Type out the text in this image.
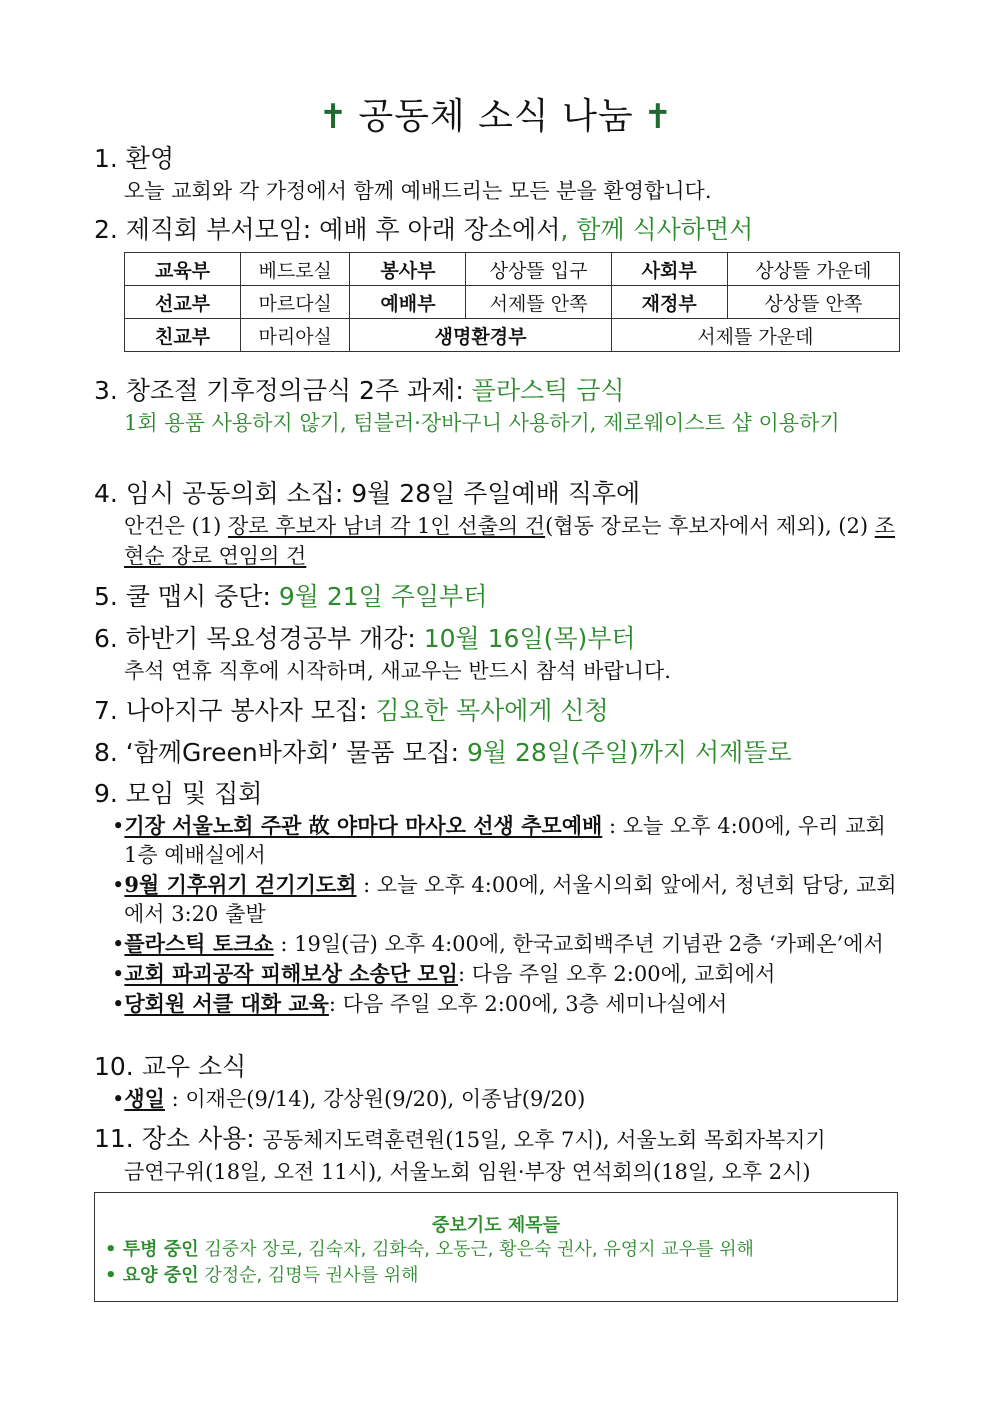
✝ 공동체 소식 나눔 ✝
1. 환영
오늘 교회와 각 가정에서 함께 예배드리는 모든 분을 환영합니다.
2. 제직회 부서모임: 예배 후 아래 장소에서, 함께 식사하면서
교육부	베드로실	봉사부	상상뜰 입구	사회부	상상뜰 가운데
선교부	마르다실	예배부	서제뜰 안쪽	재정부	상상뜰 안쪽
친교부	마리아실	생명환경부		서제뜰 가운데	
3. 창조절 기후정의금식 2주 과제: 플라스틱 금식
1회 용품 사용하지 않기, 텀블러·장바구니 사용하기, 제로웨이스트 샵 이용하기
4. 임시 공동의회 소집: 9월 28일 주일예배 직후에
안건은 (1) 장로 후보자 남녀 각 1인 선출의 건(협동 장로는 후보자에서 제외), (2) 조현순 장로 연임의 건
5. 쿨 맵시 중단: 9월 21일 주일부터
6. 하반기 목요성경공부 개강: 10월 16일(목)부터
추석 연휴 직후에 시작하며, 새교우는 반드시 참석 바랍니다.
7. 나아지구 봉사자 모집: 김요한 목사에게 신청
8. ‘함께Green바자회’ 물품 모집: 9월 28일(주일)까지 서제뜰로
9. 모임 및 집회
•기장 서울노회 주관 故 야마다 마사오 선생 추모예배 : 오늘 오후 4:00에, 우리 교회 1층 예배실에서
•9월 기후위기 걷기기도회 : 오늘 오후 4:00에, 서울시의회 앞에서, 청년회 담당, 교회에서 3:20 출발
•플라스틱 토크쇼 : 19일(금) 오후 4:00에, 한국교회백주년 기념관 2층 ‘카페온’에서
•교회 파괴공작 피해보상 소송단 모임: 다음 주일 오후 2:00에, 교회에서
•당회원 서클 대화 교육: 다음 주일 오후 2:00에, 3층 세미나실에서
10. 교우 소식
•생일 : 이재은(9/14), 강상원(9/20), 이종남(9/20)
11. 장소 사용: 공동체지도력훈련원(15일, 오후 7시), 서울노회 목회자복지기
금연구위(18일, 오전 11시), 서울노회 임원·부장 연석회의(18일, 오후 2시)
중보기도 제목들
• 투병 중인 김중자 장로, 김숙자, 김화숙, 오동근, 황은숙 권사, 유영지 교우를 위해
• 요양 중인 강정순, 김명득 권사를 위해
